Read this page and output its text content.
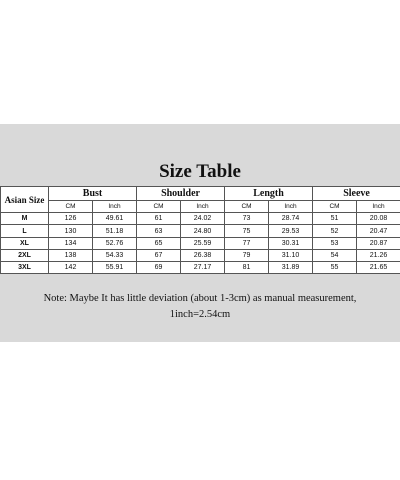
Size Table
Asian Size	Bust		Shoulder		Length		Sleeve	
	CM	Inch	CM	Inch	CM	Inch	CM	Inch
M	126	49.61	61	24.02	73	28.74	51	20.08
L	130	51.18	63	24.80	75	29.53	52	20.47
XL	134	52.76	65	25.59	77	30.31	53	20.87
2XL	138	54.33	67	26.38	79	31.10	54	21.26
3XL	142	55.91	69	27.17	81	31.89	55	21.65
Note: Maybe It has little deviation (about 1-3cm) as manual measurement,
1inch=2.54cm
